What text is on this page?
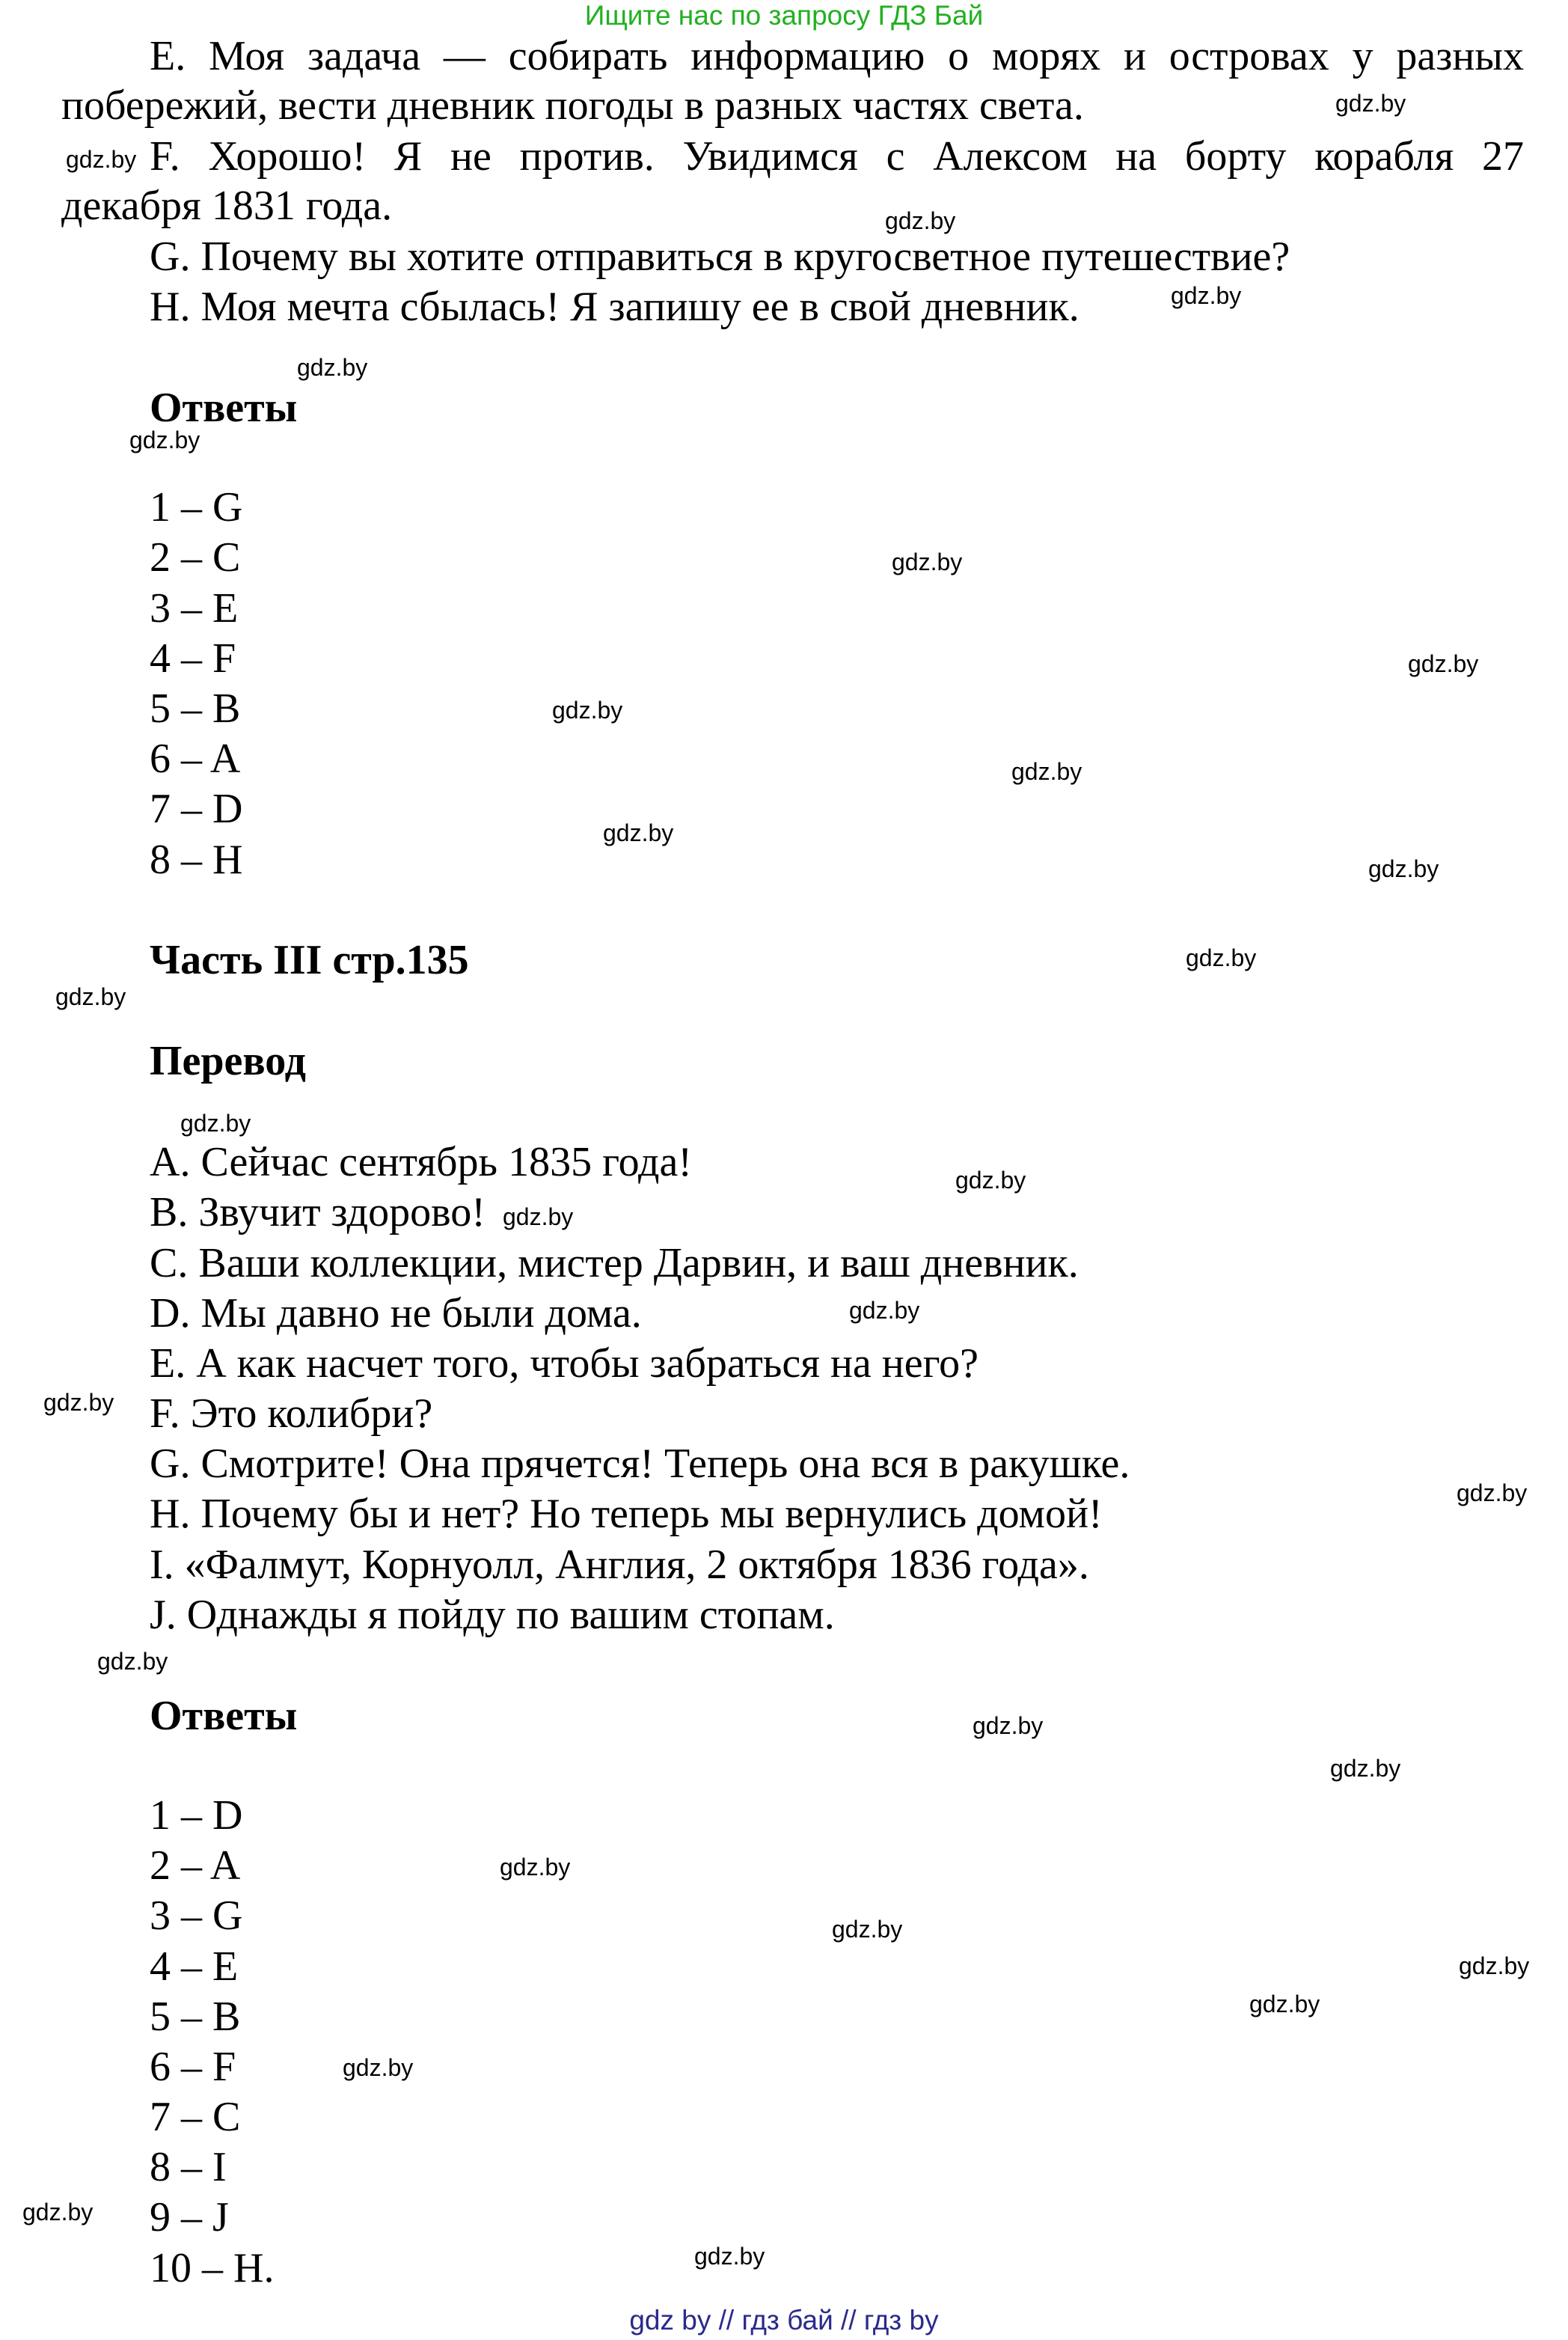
Ищите нас по запросу ГДЗ Бай
E. Моя задача — собирать информацию о морях и островах у разных
побережий, вести дневник погоды в разных частях света.
F. Хорошо! Я не против. Увидимся с Алексом на борту корабля 27
декабря 1831 года.
G. Почему вы хотите отправиться в кругосветное путешествие?
H. Моя мечта сбылась! Я запишу ее в свой дневник.
Ответы
1 – G
2 – C
3 – E
4 – F
5 – B
6 – A
7 – D
8 – H
Часть III стр.135
Перевод
A. Сейчас сентябрь 1835 года!
B. Звучит здорово!
C. Ваши коллекции, мистер Дарвин, и ваш дневник.
D. Мы давно не были дома.
E. А как насчет того, чтобы забраться на него?
F. Это колибри?
G. Смотрите! Она прячется! Теперь она вся в ракушке.
H. Почему бы и нет? Но теперь мы вернулись домой!
I. «Фалмут, Корнуолл, Англия, 2 октября 1836 года».
J. Однажды я пойду по вашим стопам.
Ответы
1 – D
2 – A
3 – G
4 – E
5 – B
6 – F
7 – C
8 – I
9 – J
10 – H.
gdz.by
gdz.by
gdz.by
gdz.by
gdz.by
gdz.by
gdz.by
gdz.by
gdz.by
gdz.by
gdz.by
gdz.by
gdz.by
gdz.by
gdz.by
gdz.by
gdz.by
gdz.by
gdz.by
gdz.by
gdz.by
gdz.by
gdz.by
gdz.by
gdz.by
gdz.by
gdz.by
gdz.by
gdz.by
gdz.by
gdz by // гдз бай // гдз by
